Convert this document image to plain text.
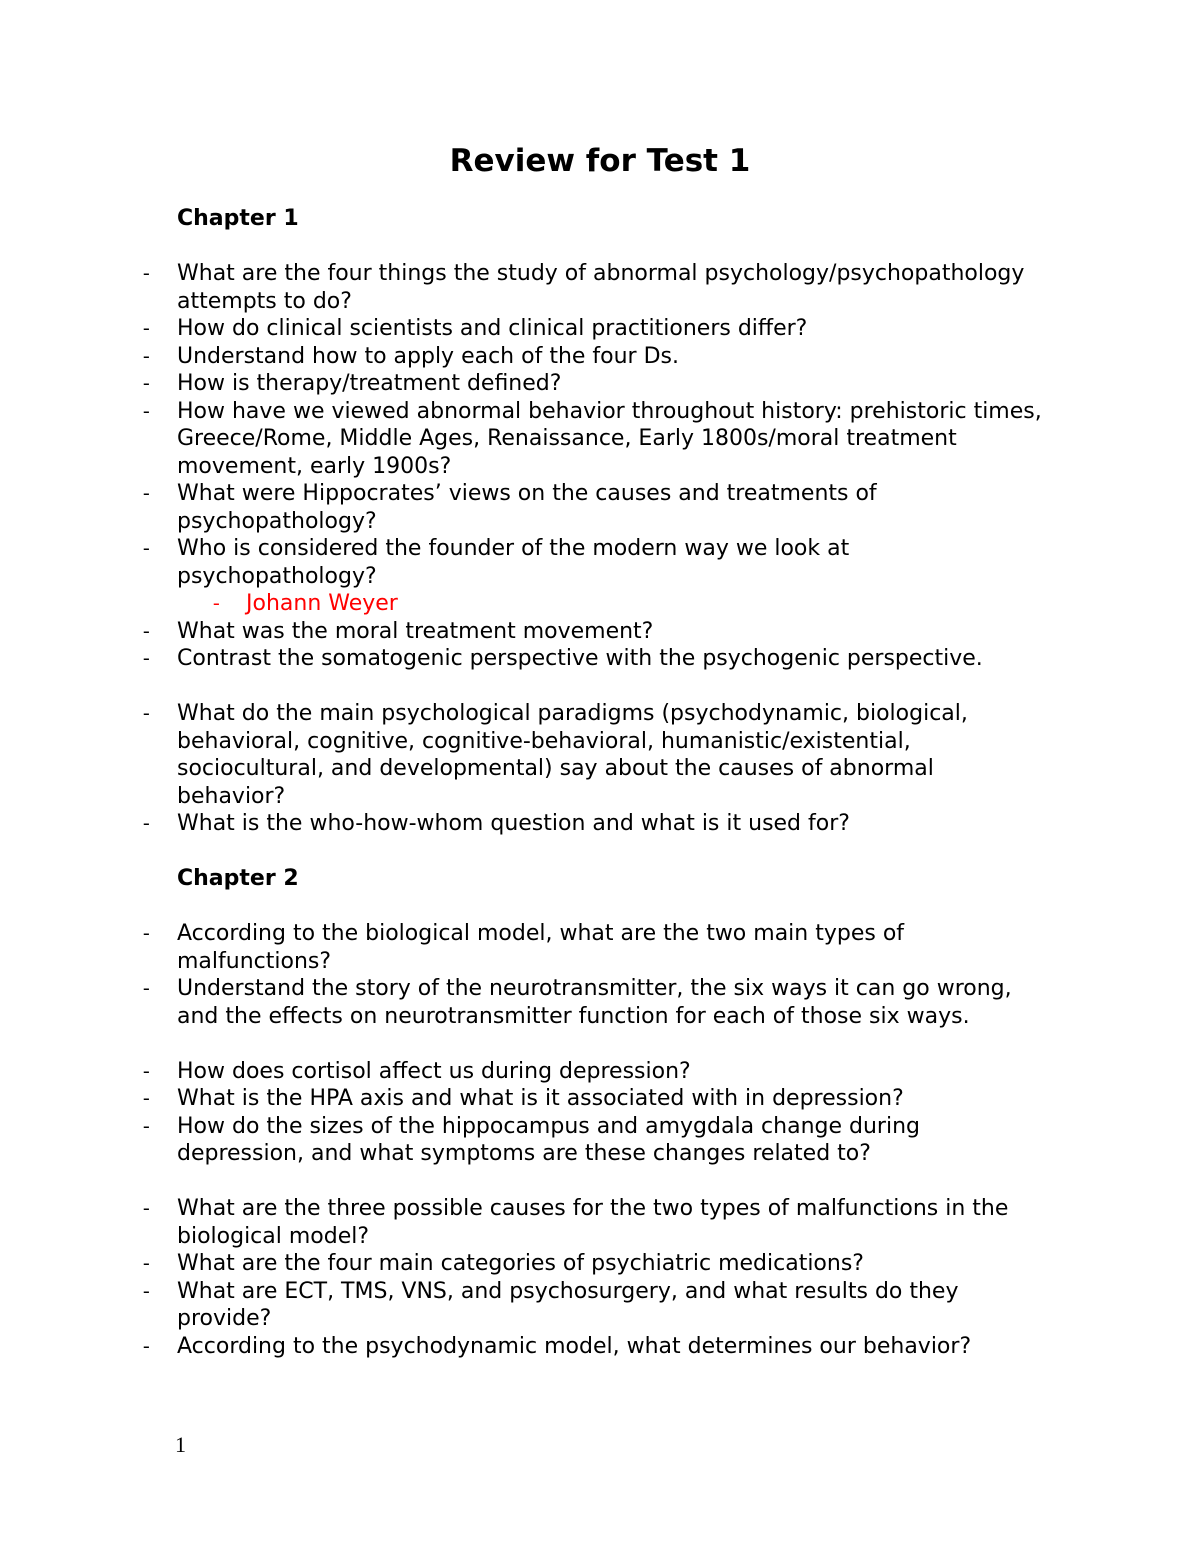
Review for Test 1
Chapter 1
- What are the four things the study of abnormal psychology/psychopathology attempts to do?
- How do clinical scientists and clinical practitioners differ?
- Understand how to apply each of the four Ds.
- How is therapy/treatment defined?
- How have we viewed abnormal behavior throughout history: prehistoric times, Greece/Rome, Middle Ages, Renaissance, Early 1800s/moral treatment movement, early 1900s?
- What were Hippocrates’ views on the causes and treatments of psychopathology?
- Who is considered the founder of the modern way we look at psychopathology?
- Johann Weyer
- What was the moral treatment movement?
- Contrast the somatogenic perspective with the psychogenic perspective.
- What do the main psychological paradigms (psychodynamic, biological, behavioral, cognitive, cognitive-behavioral, humanistic/existential, sociocultural, and developmental) say about the causes of abnormal behavior?
- What is the who-how-whom question and what is it used for?
Chapter 2
- According to the biological model, what are the two main types of malfunctions?
- Understand the story of the neurotransmitter, the six ways it can go wrong, and the effects on neurotransmitter function for each of those six ways.
- How does cortisol affect us during depression?
- What is the HPA axis and what is it associated with in depression?
- How do the sizes of the hippocampus and amygdala change during depression, and what symptoms are these changes related to?
- What are the three possible causes for the two types of malfunctions in the biological model?
- What are the four main categories of psychiatric medications?
- What are ECT, TMS, VNS, and psychosurgery, and what results do they provide?
- According to the psychodynamic model, what determines our behavior?
1
